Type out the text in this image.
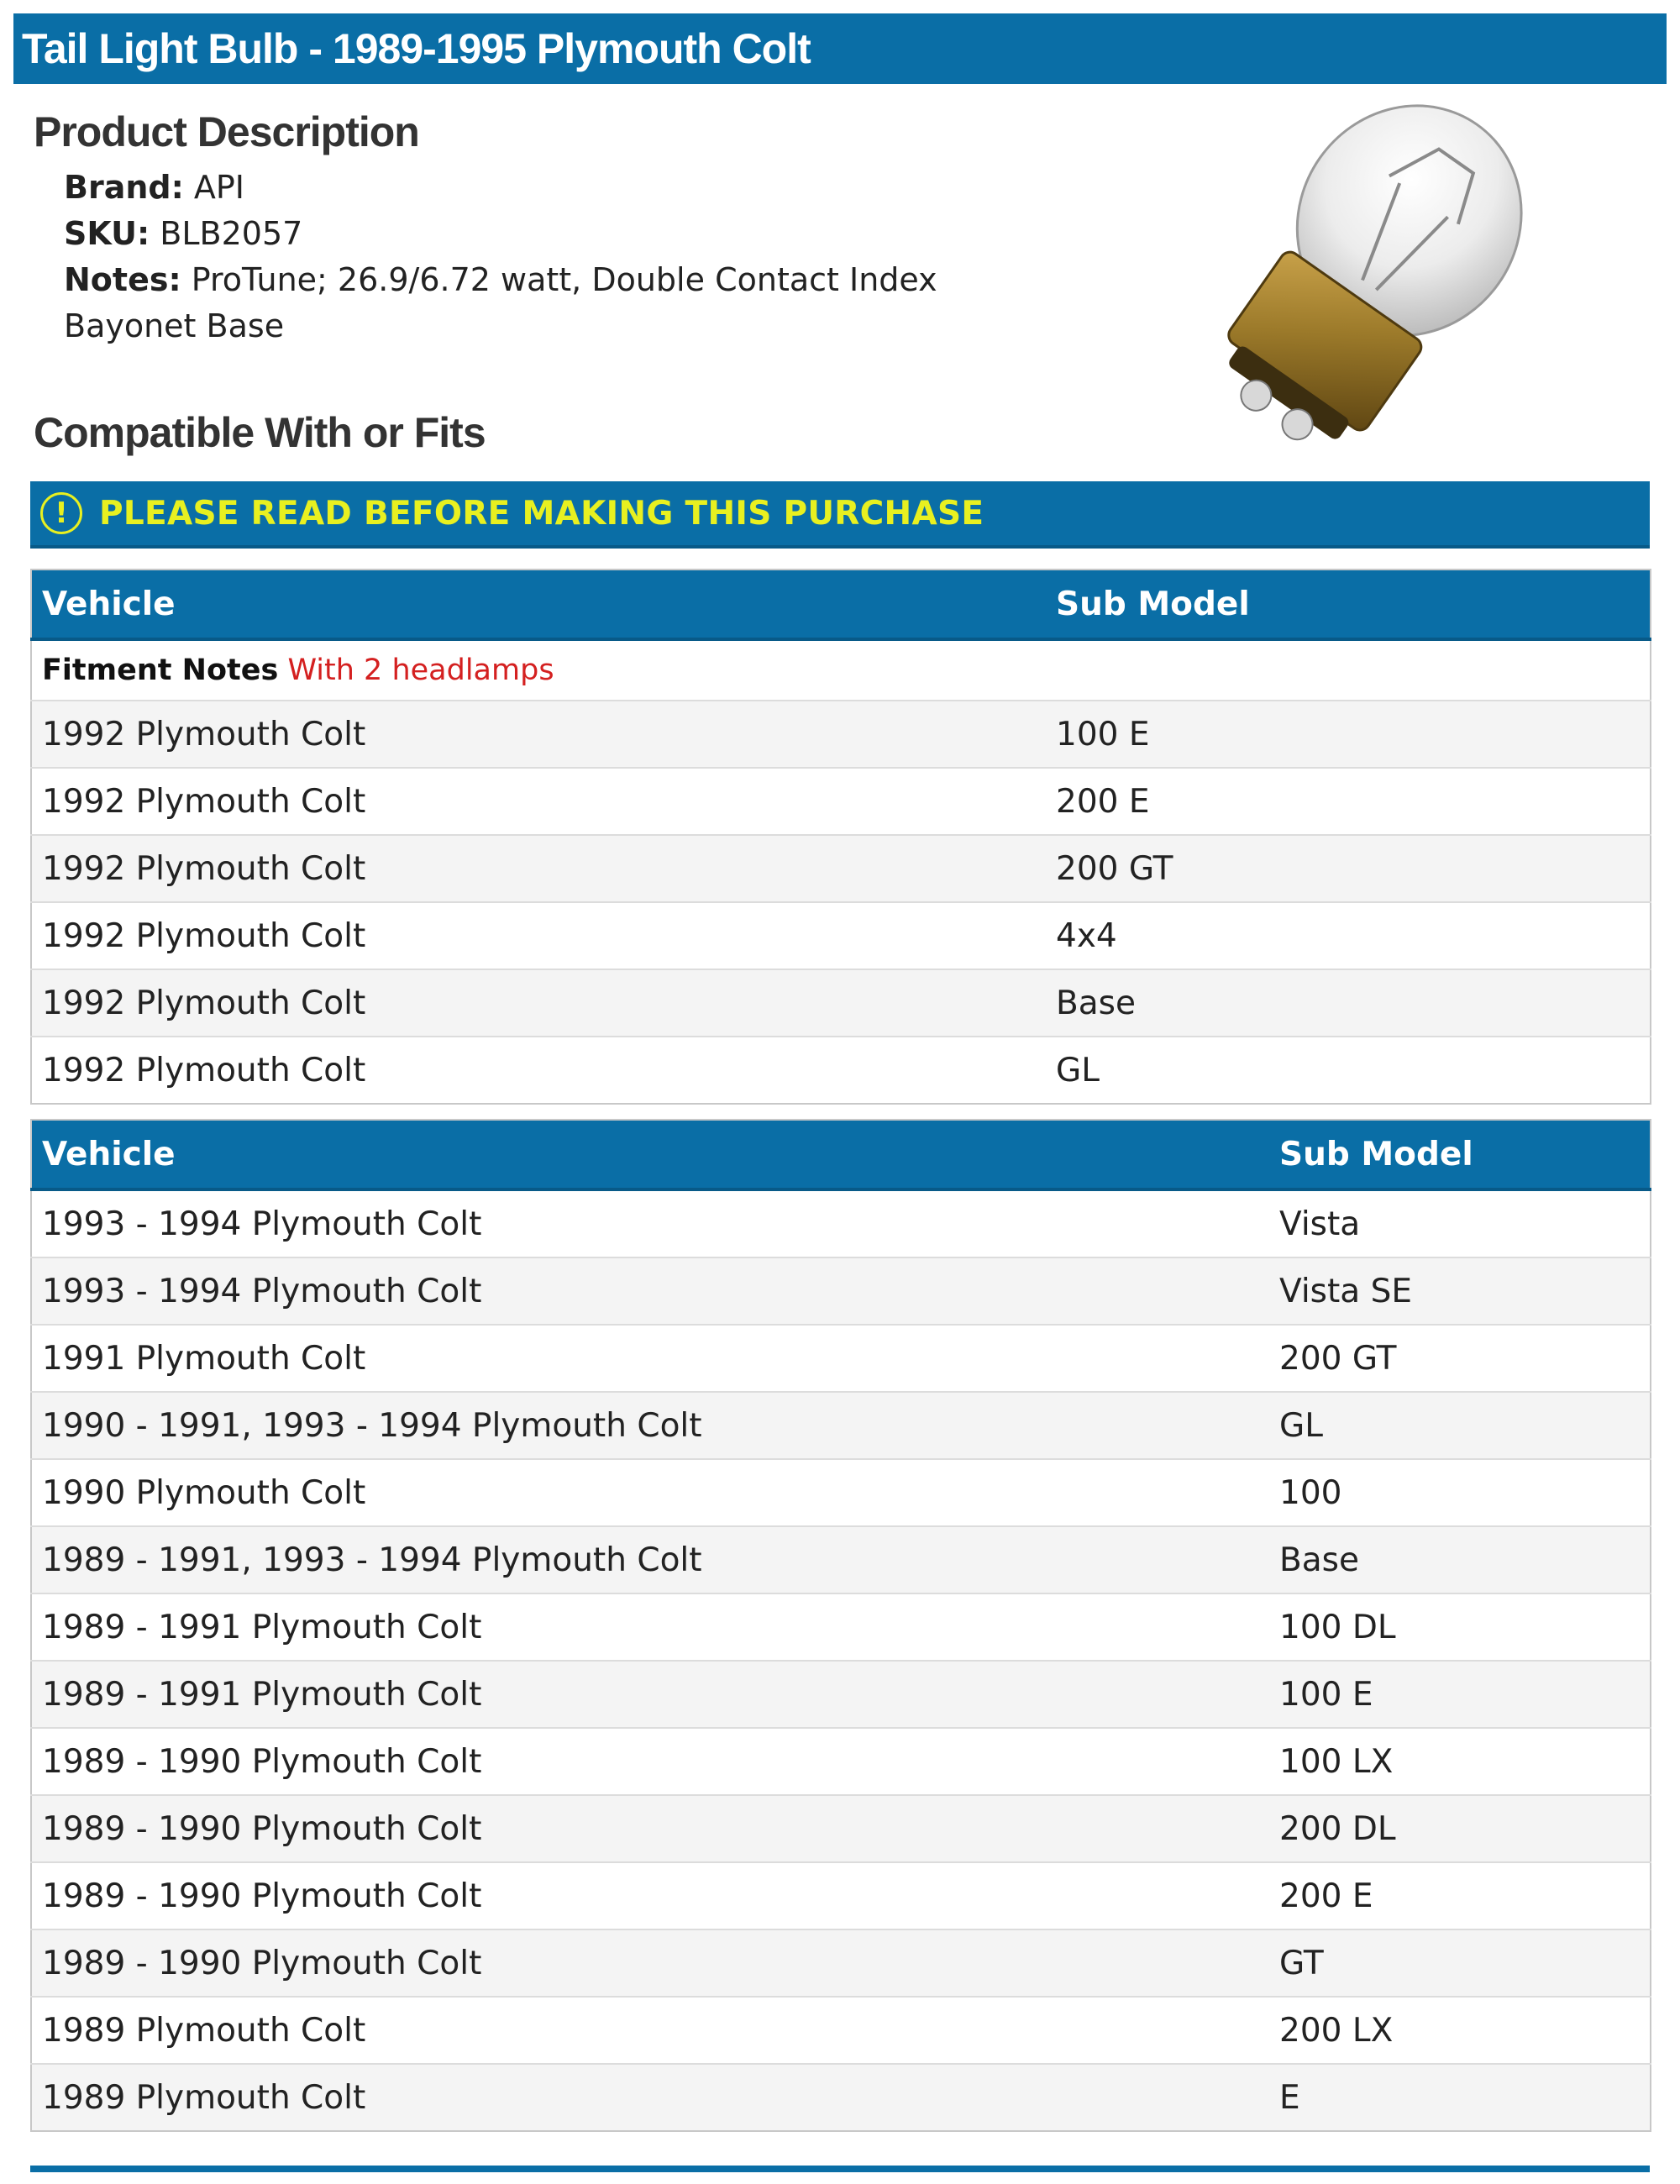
Tail Light Bulb - 1989-1995 Plymouth Colt
Product Description
Brand: API
SKU: BLB2057
Notes: ProTune; 26.9/6.72 watt, Double Contact Index Bayonet Base
Compatible With or Fits
! PLEASE READ BEFORE MAKING THIS PURCHASE
Vehicle	Sub Model
Fitment Notes With 2 headlamps	
1992 Plymouth Colt	100 E
1992 Plymouth Colt	200 E
1992 Plymouth Colt	200 GT
1992 Plymouth Colt	4x4
1992 Plymouth Colt	Base
1992 Plymouth Colt	GL
Vehicle	Sub Model
1993 - 1994 Plymouth Colt	Vista
1993 - 1994 Plymouth Colt	Vista SE
1991 Plymouth Colt	200 GT
1990 - 1991, 1993 - 1994 Plymouth Colt	GL
1990 Plymouth Colt	100
1989 - 1991, 1993 - 1994 Plymouth Colt	Base
1989 - 1991 Plymouth Colt	100 DL
1989 - 1991 Plymouth Colt	100 E
1989 - 1990 Plymouth Colt	100 LX
1989 - 1990 Plymouth Colt	200 DL
1989 - 1990 Plymouth Colt	200 E
1989 - 1990 Plymouth Colt	GT
1989 Plymouth Colt	200 LX
1989 Plymouth Colt	E
